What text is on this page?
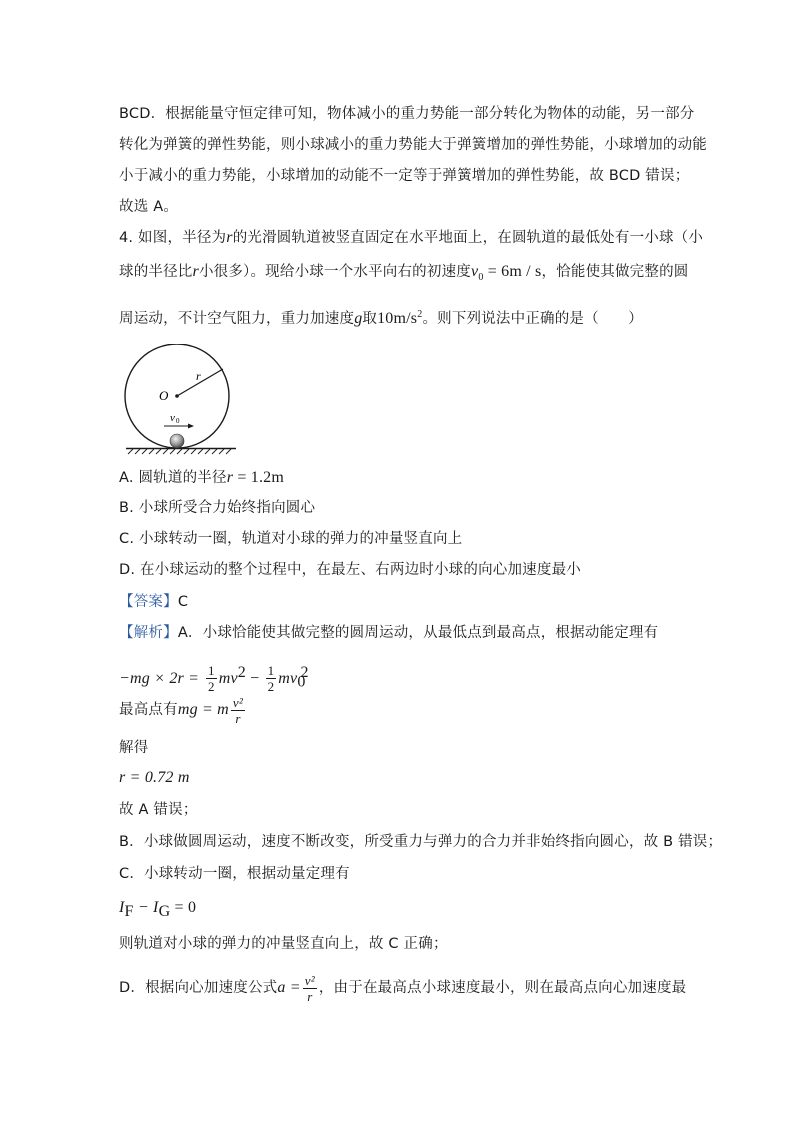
BCD．根据能量守恒定律可知，物体减小的重力势能一部分转化为物体的动能，另一部分
转化为弹簧的弹性势能，则小球减小的重力势能大于弹簧增加的弹性势能，小球增加的动能
小于减小的重力势能，小球增加的动能不一定等于弹簧增加的弹性势能，故 BCD 错误；
故选 A。
4. 如图，半径为r的光滑圆轨道被竖直固定在水平地面上，在圆轨道的最低处有一小球（小
球的半径比r小很多）。现给小球一个水平向右的初速度$v_0 = 6m / s$，恰能使其做完整的圆
周运动，不计空气阻力，重力加速度g取$10m/s^2$。则下列说法中正确的是（　　）
O
r
v 0
A. 圆轨道的半径r = 1.2m
B. 小球所受合力始终指向圆心
C. 小球转动一圈，轨道对小球的弹力的冲量竖直向上
D. 在小球运动的整个过程中，在最左、右两边时小球的向心加速度最小
【答案】C
【解析】A．小球恰能使其做完整的圆周运动，从最低点到最高点，根据动能定理有
$-mg \times 2r = \frac{1}{2} mv^2 - \frac{1}{2} mv_0^2$
最高点有mg = m $\frac{\text{v²}}{r}$
解得
r = 0.72 m
故 A 错误；
B．小球做圆周运动，速度不断改变，所受重力与弹力的合力并非始终指向圆心，故 B 错误；
C．小球转动一圈，根据动量定理有
$I_F - I_G = 0$
则轨道对小球的弹力的冲量竖直向上，故 C 正确；
D．根据向心加速度公式$a = \frac{\text{v²}}{r}$ ，由于在最高点小球速度最小，则在最高点向心加速度最
